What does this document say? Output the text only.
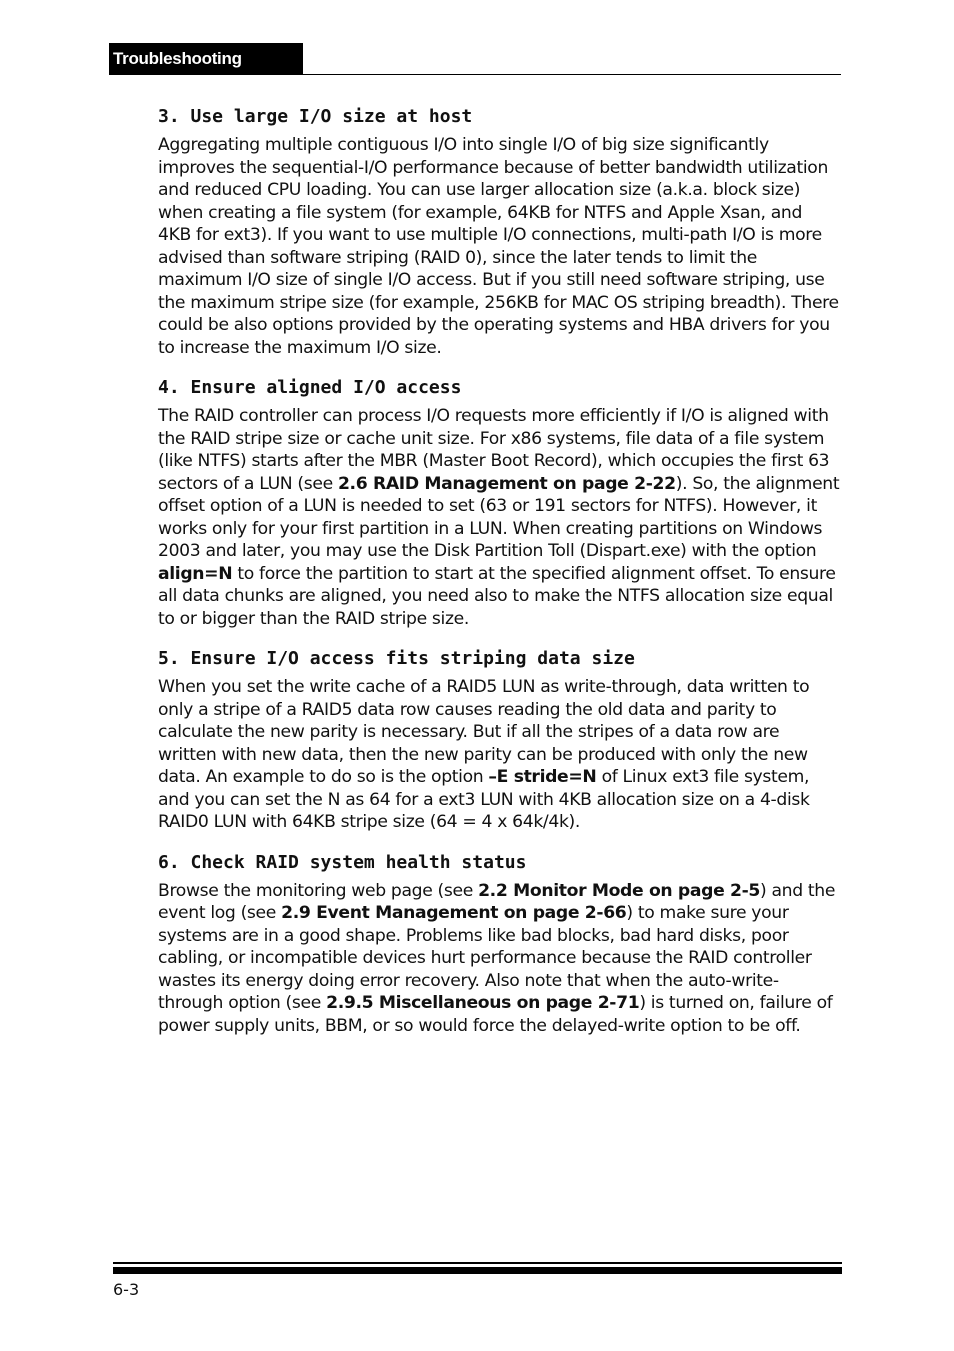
Troubleshooting
3. Use large I/O size at host

Aggregating multiple contiguous I/O into single I/O of big size significantly improves the sequential-I/O performance because of better bandwidth utilization and reduced CPU loading. You can use larger allocation size (a.k.a. block size) when creating a file system (for example, 64KB for NTFS and Apple Xsan, and 4KB for ext3). If you want to use multiple I/O connections, multi-path I/O is more advised than software striping (RAID 0), since the later tends to limit the maximum I/O size of single I/O access. But if you still need software striping, use the maximum stripe size (for example, 256KB for MAC OS striping breadth). There could be also options provided by the operating systems and HBA drivers for you to increase the maximum I/O size.

4. Ensure aligned I/O access

The RAID controller can process I/O requests more efficiently if I/O is aligned with the RAID stripe size or cache unit size. For x86 systems, file data of a file system (like NTFS) starts after the MBR (Master Boot Record), which occupies the first 63 sectors of a LUN (see 2.6 RAID Management on page 2-22). So, the alignment offset option of a LUN is needed to set (63 or 191 sectors for NTFS). However, it works only for your first partition in a LUN. When creating partitions on Windows 2003 and later, you may use the Disk Partition Toll (Dispart.exe) with the option align=N to force the partition to start at the specified alignment offset. To ensure all data chunks are aligned, you need also to make the NTFS allocation size equal to or bigger than the RAID stripe size.

5. Ensure I/O access fits striping data size

When you set the write cache of a RAID5 LUN as write-through, data written to only a stripe of a RAID5 data row causes reading the old data and parity to calculate the new parity is necessary. But if all the stripes of a data row are written with new data, then the new parity can be produced with only the new data. An example to do so is the option –E stride=N of Linux ext3 file system, and you can set the N as 64 for a ext3 LUN with 4KB allocation size on a 4-disk RAID0 LUN with 64KB stripe size (64 = 4 x 64k/4k).

6. Check RAID system health status

Browse the monitoring web page (see 2.2 Monitor Mode on page 2-5) and the event log (see 2.9 Event Management on page 2-66) to make sure your systems are in a good shape. Problems like bad blocks, bad hard disks, poor cabling, or incompatible devices hurt performance because the RAID controller wastes its energy doing error recovery. Also note that when the auto-write-through option (see 2.9.5 Miscellaneous on page 2-71) is turned on, failure of power supply units, BBM, or so would force the delayed-write option to be off.

6-3
